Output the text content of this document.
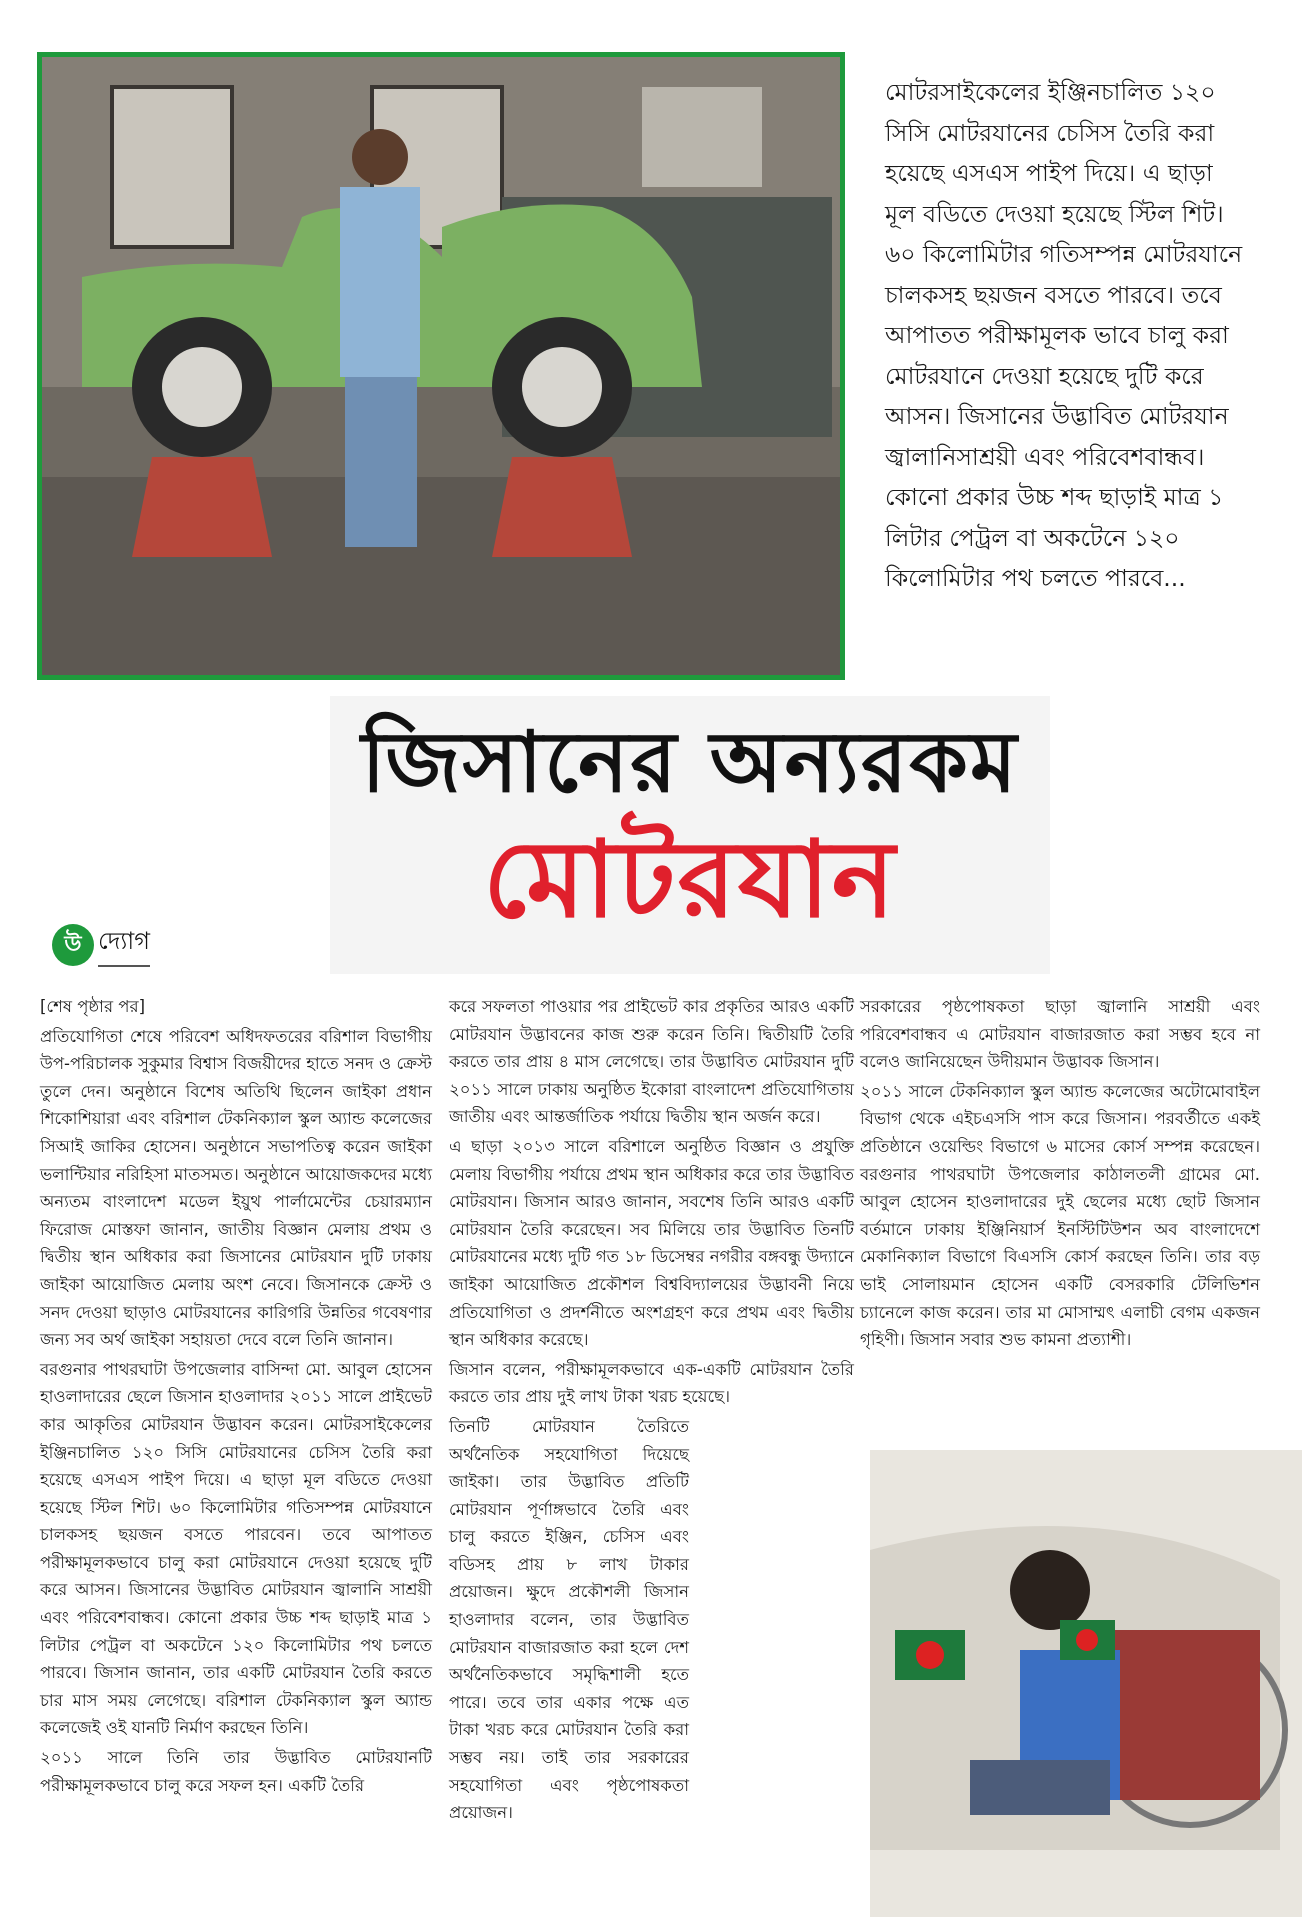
মোটরসাইকেলের ইঞ্জিনচালিত ১২০ সিসি মোটরযানের চেসিস তৈরি করা হয়েছে এসএস পাইপ দিয়ে। এ ছাড়া মূল বডিতে দেওয়া হয়েছে স্টিল শিট। ৬০ কিলোমিটার গতিসম্পন্ন মোটরযানে চালকসহ ছয়জন বসতে পারবে। তবে আপাতত পরীক্ষামূলক ভাবে চালু করা মোটরযানে দেওয়া হয়েছে দুটি করে আসন। জিসানের উদ্ভাবিত মোটরযান জ্বালানিসাশ্রয়ী এবং পরিবেশবান্ধব। কোনো প্রকার উচ্চ শব্দ ছাড়াই মাত্র ১ লিটার পেট্রল বা অকটেনে ১২০ কিলোমিটার পথ চলতে পারবে...

জিসানের অন্যরকম
মোটরযান
উ দ্যোগ

[শেষ পৃষ্ঠার পর]

প্রতিযোগিতা শেষে পরিবেশ অধিদফতরের বরিশাল বিভাগীয় উপ-পরিচালক সুকুমার বিশ্বাস বিজয়ীদের হাতে সনদ ও ক্রেস্ট তুলে দেন। অনুষ্ঠানে বিশেষ অতিথি ছিলেন জাইকা প্রধান শিকোশিয়ারা এবং বরিশাল টেকনিক্যাল স্কুল অ্যান্ড কলেজের সিআই জাকির হোসেন। অনুষ্ঠানে সভাপতিত্ব করেন জাইকা ভলান্টিয়ার নরিহিসা মাতসমত। অনুষ্ঠানে আয়োজকদের মধ্যে অন্যতম বাংলাদেশ মডেল ইয়ুথ পার্লামেন্টের চেয়ারম্যান ফিরোজ মোস্তফা জানান, জাতীয় বিজ্ঞান মেলায় প্রথম ও দ্বিতীয় স্থান অধিকার করা জিসানের মোটরযান দুটি ঢাকায় জাইকা আয়োজিত মেলায় অংশ নেবে। জিসানকে ক্রেস্ট ও সনদ দেওয়া ছাড়াও মোটরযানের কারিগরি উন্নতির গবেষণার জন্য সব অর্থ জাইকা সহায়তা দেবে বলে তিনি জানান।

বরগুনার পাথরঘাটা উপজেলার বাসিন্দা মো. আবুল হোসেন হাওলাদারের ছেলে জিসান হাওলাদার ২০১১ সালে প্রাইভেট কার আকৃতির মোটরযান উদ্ভাবন করেন। মোটরসাইকেলের ইঞ্জিনচালিত ১২০ সিসি মোটরযানের চেসিস তৈরি করা হয়েছে এসএস পাইপ দিয়ে। এ ছাড়া মূল বডিতে দেওয়া হয়েছে স্টিল শিট। ৬০ কিলোমিটার গতিসম্পন্ন মোটরযানে চালকসহ ছয়জন বসতে পারবেন। তবে আপাতত পরীক্ষামূলকভাবে চালু করা মোটরযানে দেওয়া হয়েছে দুটি করে আসন। জিসানের উদ্ভাবিত মোটরযান জ্বালানি সাশ্রয়ী এবং পরিবেশবান্ধব। কোনো প্রকার উচ্চ শব্দ ছাড়াই মাত্র ১ লিটার পেট্রল বা অকটেনে ১২০ কিলোমিটার পথ চলতে পারবে। জিসান জানান, তার একটি মোটরযান তৈরি করতে চার মাস সময় লেগেছে। বরিশাল টেকনিক্যাল স্কুল অ্যান্ড কলেজেই ওই যানটি নির্মাণ করছেন তিনি।

২০১১ সালে তিনি তার উদ্ভাবিত মোটরযানটি পরীক্ষামূলকভাবে চালু করে সফল হন। একটি তৈরি

করে সফলতা পাওয়ার পর প্রাইভেট কার প্রকৃতির আরও একটি মোটরযান উদ্ভাবনের কাজ শুরু করেন তিনি। দ্বিতীয়টি তৈরি করতে তার প্রায় ৪ মাস লেগেছে। তার উদ্ভাবিত মোটরযান দুটি ২০১১ সালে ঢাকায় অনুষ্ঠিত ইকোরা বাংলাদেশ প্রতিযোগিতায় জাতীয় এবং আন্তর্জাতিক পর্যায়ে দ্বিতীয় স্থান অর্জন করে।

এ ছাড়া ২০১৩ সালে বরিশালে অনুষ্ঠিত বিজ্ঞান ও প্রযুক্তি মেলায় বিভাগীয় পর্যায়ে প্রথম স্থান অধিকার করে তার উদ্ভাবিত মোটরযান। জিসান আরও জানান, সবশেষ তিনি আরও একটি মোটরযান তৈরি করেছেন। সব মিলিয়ে তার উদ্ভাবিত তিনটি মোটরযানের মধ্যে দুটি গত ১৮ ডিসেম্বর নগরীর বঙ্গবন্ধু উদ্যানে জাইকা আয়োজিত প্রকৌশল বিশ্ববিদ্যালয়ের উদ্ভাবনী নিয়ে প্রতিযোগিতা ও প্রদর্শনীতে অংশগ্রহণ করে প্রথম এবং দ্বিতীয় স্থান অধিকার করেছে।

জিসান বলেন, পরীক্ষামূলকভাবে এক-একটি মোটরযান তৈরি করতে তার প্রায় দুই লাখ টাকা খরচ হয়েছে।

তিনটি মোটরযান তৈরিতে অর্থনৈতিক সহযোগিতা দিয়েছে জাইকা। তার উদ্ভাবিত প্রতিটি মোটরযান পূর্ণাঙ্গভাবে তৈরি এবং চালু করতে ইঞ্জিন, চেসিস এবং বডিসহ প্রায় ৮ লাখ টাকার প্রয়োজন। ক্ষুদে প্রকৌশলী জিসান হাওলাদার বলেন, তার উদ্ভাবিত মোটরযান বাজারজাত করা হলে দেশ অর্থনৈতিকভাবে সমৃদ্ধিশালী হতে পারে। তবে তার একার পক্ষে এত টাকা খরচ করে মোটরযান তৈরি করা সম্ভব নয়। তাই তার সরকারের সহযোগিতা এবং পৃষ্ঠপোষকতা প্রয়োজন।

সরকারের পৃষ্ঠপোষকতা ছাড়া জ্বালানি সাশ্রয়ী এবং পরিবেশবান্ধব এ মোটরযান বাজারজাত করা সম্ভব হবে না বলেও জানিয়েছেন উদীয়মান উদ্ভাবক জিসান।

২০১১ সালে টেকনিক্যাল স্কুল অ্যান্ড কলেজের অটোমোবাইল বিভাগ থেকে এইচএসসি পাস করে জিসান। পরবর্তীতে একই প্রতিষ্ঠানে ওয়েল্ডিং বিভাগে ৬ মাসের কোর্স সম্পন্ন করেছেন। বরগুনার পাথরঘাটা উপজেলার কাঠালতলী গ্রামের মো. আবুল হোসেন হাওলাদারের দুই ছেলের মধ্যে ছোট জিসান বর্তমানে ঢাকায় ইঞ্জিনিয়ার্স ইনস্টিটিউশন অব বাংলাদেশে মেকানিক্যাল বিভাগে বিএসসি কোর্স করছেন তিনি। তার বড় ভাই সোলায়মান হোসেন একটি বেসরকারি টেলিভিশন চ্যানেলে কাজ করেন। তার মা মোসাম্মৎ এলাচী বেগম একজন গৃহিণী। জিসান সবার শুভ কামনা প্রত্যাশী।
